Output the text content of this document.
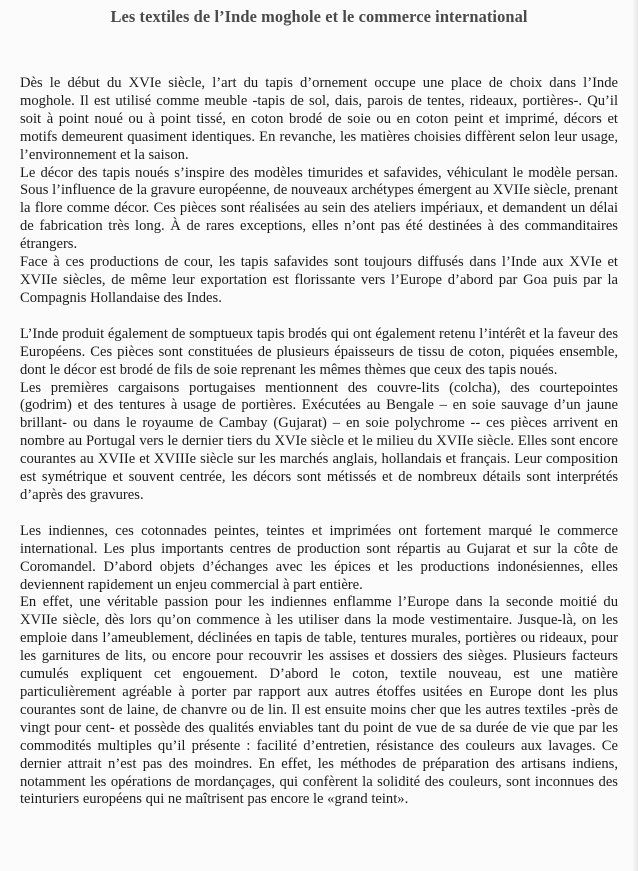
Les textiles de l’Inde moghole et le commerce international

Dès le début du XVIe siècle, l’art du tapis d’ornement occupe une place de choix dans l’Inde moghole. Il est utilisé comme meuble -tapis de sol, dais, parois de tentes, rideaux, portières-. Qu’il soit à point noué ou à point tissé, en coton brodé de soie ou en coton peint et imprimé, décors et motifs demeurent quasiment identiques. En revanche, les matières choisies diffèrent selon leur usage, l’environnement et la saison.

Le décor des tapis noués s’inspire des modèles timurides et safavides, véhiculant le modèle persan. Sous l’influence de la gravure européenne, de nouveaux archétypes émergent au XVIIe siècle, prenant la flore comme décor. Ces pièces sont réalisées au sein des ateliers impériaux, et demandent un délai de fabrication très long. À de rares exceptions, elles n’ont pas été destinées à des commanditaires étrangers.

Face à ces productions de cour, les tapis safavides sont toujours diffusés dans l’Inde aux XVIe et XVIIe siècles, de même leur exportation est florissante vers l’Europe d’abord par Goa puis par la Compagnis Hollandaise des Indes.

L’Inde produit également de somptueux tapis brodés qui ont également retenu l’intérêt et la faveur des Européens. Ces pièces sont constituées de plusieurs épaisseurs de tissu de coton, piquées ensemble, dont le décor est brodé de fils de soie reprenant les mêmes thèmes que ceux des tapis noués.

Les premières cargaisons portugaises mentionnent des couvre-lits (colcha), des courtepointes (godrim) et des tentures à usage de portières. Exécutées au Bengale – en soie sauvage d’un jaune brillant- ou dans le royaume de Cambay (Gujarat) – en soie polychrome -- ces pièces arrivent en nombre au Portugal vers le dernier tiers du XVIe siècle et le milieu du XVIIe siècle. Elles sont encore courantes au XVIIe et XVIIIe siècle sur les marchés anglais, hollandais et français. Leur composition est symétrique et souvent centrée, les décors sont métissés et de nombreux détails sont interprétés d’après des gravures.

Les indiennes, ces cotonnades peintes, teintes et imprimées ont fortement marqué le commerce international. Les plus importants centres de production sont répartis au Gujarat et sur la côte de Coromandel. D’abord objets d’échanges avec les épices et les productions indonésiennes, elles deviennent rapidement un enjeu commercial à part entière.

En effet, une véritable passion pour les indiennes enflamme l’Europe dans la seconde moitié du XVIIe siècle, dès lors qu’on commence à les utiliser dans la mode vestimentaire. Jusque-là, on les emploie dans l’ameublement, déclinées en tapis de table, tentures murales, portières ou rideaux, pour les garnitures de lits, ou encore pour recouvrir les assises et dossiers des sièges. Plusieurs facteurs cumulés expliquent cet engouement. D’abord le coton, textile nouveau, est une matière particulièrement agréable à porter par rapport aux autres étoffes usitées en Europe dont les plus courantes sont de laine, de chanvre ou de lin. Il est ensuite moins cher que les autres textiles -près de vingt pour cent- et possède des qualités enviables tant du point de vue de sa durée de vie que par les commodités multiples qu’il présente : facilité d’entretien, résistance des couleurs aux lavages. Ce dernier attrait n’est pas des moindres. En effet, les méthodes de préparation des artisans indiens, notamment les opérations de mordançages, qui confèrent la solidité des couleurs, sont inconnues des teinturiers européens qui ne maîtrisent pas encore le «grand teint».
